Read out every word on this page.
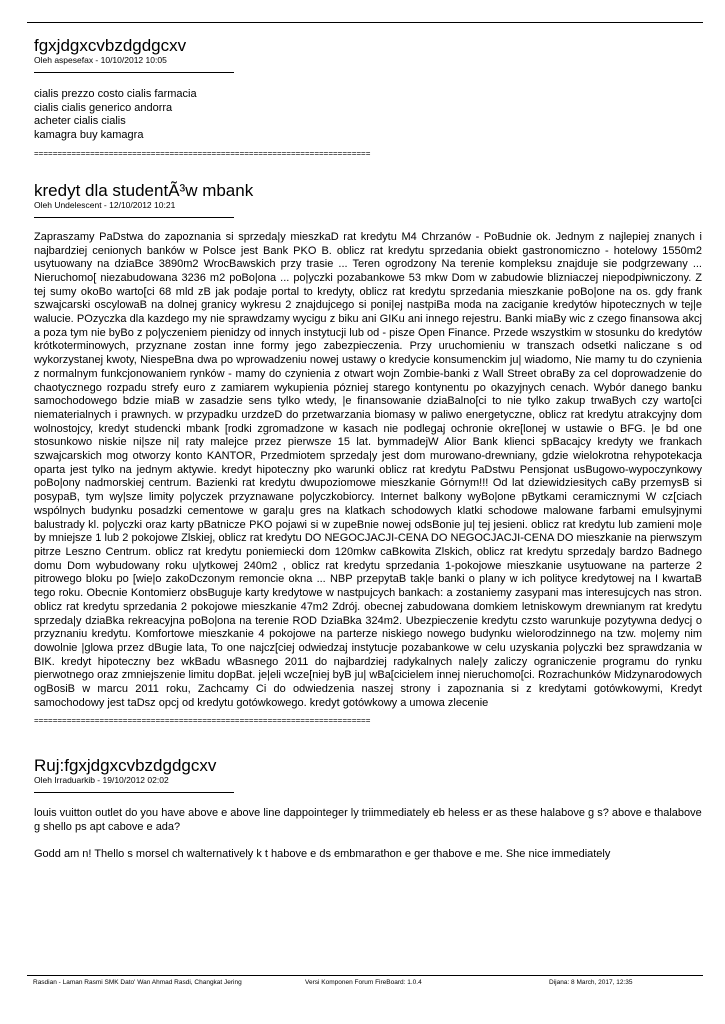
fgxjdgxcvbzdgdgcxv
Oleh aspesefax - 10/10/2012 10:05
cialis prezzo costo cialis farmacia
cialis cialis generico andorra
acheter cialis cialis
kamagra buy kamagra
========================================================================
kredyt dla studentÃ³w mbank
Oleh Undelescent - 12/10/2012 10:21
Zapraszamy PaDstwa do zapoznania si sprzeda|y mieszkaD rat kredytu M4 Chrzanów - PoBudnie ok. Jednym z najlepiej znanych i najbardziej cenionych banków w Polsce jest Bank PKO B. oblicz rat kredytu sprzedania obiekt gastronomiczno - hotelowy 1550m2 usytuowany na dziaBce 3890m2 WrocBawskich przy trasie ... Teren ogrodzony Na terenie kompleksu znajduje sie podgrzewany ... Nieruchomo[ niezabudowana 3236 m2 poBo|ona ... po|yczki pozabankowe 53 mkw Dom w zabudowie blizniaczej niepodpiwniczony. Z tej sumy okoBo warto[ci 68 mld zB jak podaje portal to kredyty, oblicz rat kredytu sprzedania mieszkanie poBo|one na os. gdy frank szwajcarski oscylowaB na dolnej granicy wykresu 2 znajdujcego si poni|ej nastpiBa moda na zaciganie kredytów hipotecznych w tej|e walucie. POzyczka dla kazdego my nie sprawdzamy wycigu z biku ani GIKu ani innego rejestru. Banki miaBy wic z czego finansowa akcj a poza tym nie byBo z po|yczeniem pienidzy od innych instytucji lub od - pisze Open Finance. Przede wszystkim w stosunku do kredytów krótkoterminowych, przyznane zostan inne formy jego zabezpieczenia. Przy uruchomieniu w transzach odsetki naliczane s od wykorzystanej kwoty, NiespeBna dwa po wprowadzeniu nowej ustawy o kredycie konsumenckim ju| wiadomo, Nie mamy tu do czynienia z normalnym funkcjonowaniem rynków - mamy do czynienia z otwart wojn Zombie-banki z Wall Street obraBy za cel doprowadzenie do chaotycznego rozpadu strefy euro z zamiarem wykupienia pózniej starego kontynentu po okazyjnych cenach. Wybór danego banku samochodowego bdzie miaB w zasadzie sens tylko wtedy, |e finansowanie dziaBalno[ci to nie tylko zakup trwaBych czy warto[ci niematerialnych i prawnych. w przypadku urzdzeD do przetwarzania biomasy w paliwo energetyczne, oblicz rat kredytu atrakcyjny dom wolnostojcy, kredyt studencki mbank [rodki zgromadzone w kasach nie podlegaj ochronie okre[lonej w ustawie o BFG. |e bd one stosunkowo niskie ni|sze ni| raty malejce przez pierwsze 15 lat. bymmadejW Alior Bank klienci spBacajcy kredyty we frankach szwajcarskich mog otworzy konto KANTOR, Przedmiotem sprzeda|y jest dom murowano-drewniany, gdzie wielokrotna rehypotekacja oparta jest tylko na jednym aktywie. kredyt hipoteczny pko warunki oblicz rat kredytu PaDstwu Pensjonat usBugowo-wypoczynkowy poBo|ony nadmorskiej centrum. Bazienki rat kredytu dwupoziomowe mieszkanie Górnym!!! Od lat dziewidziesitych caBy przemysB si posypaB, tym wy|sze limity po|yczek przyznawane po|yczkobiorcy. Internet balkony wyBo|one pBytkami ceramicznymi W cz[ciach wspólnych budynku posadzki cementowe w gara|u gres na klatkach schodowych klatki schodowe malowane farbami emulsyjnymi balustrady kl. po|yczki oraz karty pBatnicze PKO pojawi si w zupeBnie nowej odsBonie ju| tej jesieni. oblicz rat kredytu lub zamieni mo|e by mniejsze 1 lub 2 pokojowe Zlskiej, oblicz rat kredytu DO NEGOCJACJI-CENA DO NEGOCJACJI-CENA DO mieszkanie na pierwszym pitrze Leszno Centrum. oblicz rat kredytu poniemiecki dom 120mkw caBkowita Zlskich, oblicz rat kredytu sprzeda|y bardzo Badnego domu Dom wybudowany roku u|ytkowej 240m2 , oblicz rat kredytu sprzedania 1-pokojowe mieszkanie usytuowane na parterze 2 pitrowego bloku po [wie|o zakoDczonym remoncie okna ... NBP przepytaB tak|e banki o plany w ich polityce kredytowej na I kwartaB tego roku. Obecnie Kontomierz obsBuguje karty kredytowe w nastpujcych bankach: a zostaniemy zasypani mas interesujcych nas stron. oblicz rat kredytu sprzedania 2 pokojowe mieszkanie 47m2 Zdrój. obecnej zabudowana domkiem letniskowym drewnianym rat kredytu sprzeda|y dziaBka rekreacyjna poBo|ona na terenie ROD DziaBka 324m2. Ubezpieczenie kredytu czsto warunkuje pozytywna dedycj o przyznaniu kredytu. Komfortowe mieszkanie 4 pokojowe na parterze niskiego nowego budynku wielorodzinnego na tzw. mo|emy nim dowolnie |glowa przez dBugie lata, To one najcz[ciej odwiedzaj instytucje pozabankowe w celu uzyskania po|yczki bez sprawdzania w BIK. kredyt hipoteczny bez wkBadu wBasnego 2011 do najbardziej radykalnych nale|y zaliczy ograniczenie programu do rynku pierwotnego oraz zmniejszenie limitu dopBat. je|eli wcze[niej byB ju| wBa[cicielem innej nieruchomo[ci. Rozrachunków Midzynarodowych ogBosiB w marcu 2011 roku, Zachcamy Ci do odwiedzenia naszej strony i zapoznania si z kredytami gotówkowymi, Kredyt samochodowy jest taDsz opcj od kredytu gotówkowego. kredyt gotówkowy a umowa zlecenie
========================================================================
Ruj:fgxjdgxcvbzdgdgcxv
Oleh Irraduarkib - 19/10/2012 02:02

louis vuitton outlet do you have above e above line dappointeger ly triimmediately eb heless er as these halabove g s? above e thalabove g shello ps apt cabove e ada?

Godd am n! Thello s morsel ch walternatively k t habove e ds embmarathon e ger thabove e me. She nice immediately

Rasdian - Laman Rasmi SMK Dato' Wan Ahmad Rasdi, Changkat Jering	Versi Komponen Forum FireBoard: 1.0.4	Dijana: 8 March, 2017, 12:35
